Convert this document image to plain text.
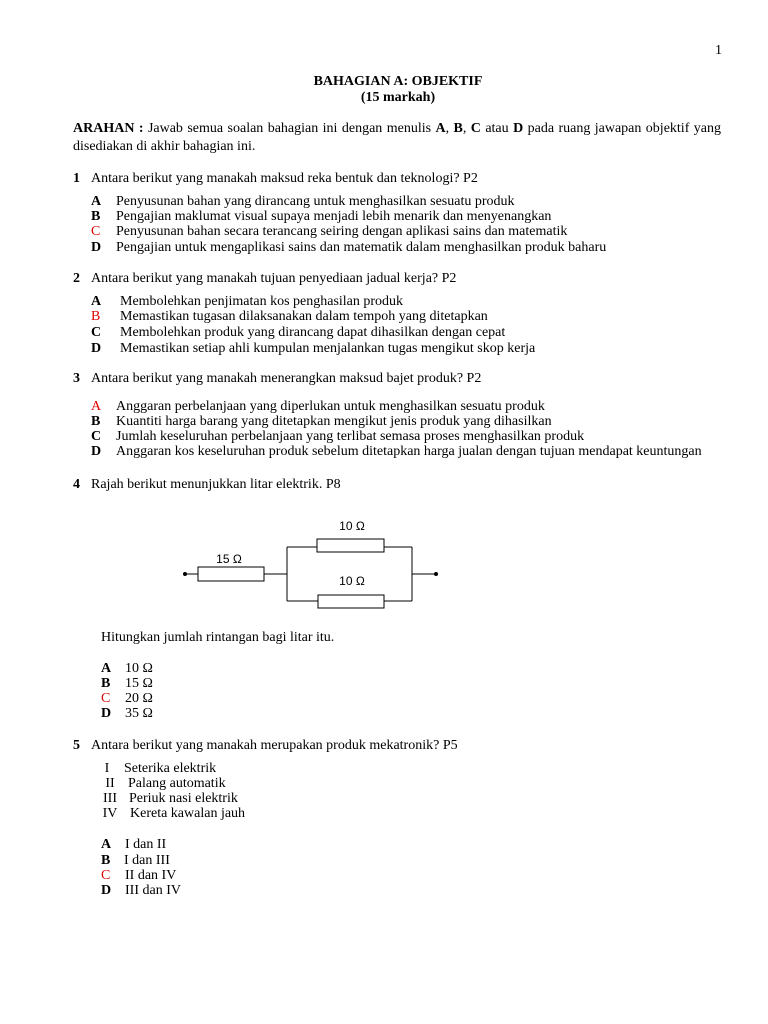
1
BAHAGIAN A: OBJEKTIF
(15 markah)
ARAHAN : Jawab semua soalan bahagian ini dengan menulis A, B, C atau D pada ruang jawapan objektif yang disediakan di akhir bahagian ini.
1 Antara berikut yang manakah maksud reka bentuk dan teknologi? P2
A Penyusunan bahan yang dirancang untuk menghasilkan sesuatu produk
B Pengajian maklumat visual supaya menjadi lebih menarik dan menyenangkan
C Penyusunan bahan secara terancang seiring dengan aplikasi sains dan matematik
D Pengajian untuk mengaplikasi sains dan matematik dalam menghasilkan produk baharu
2 Antara berikut yang manakah tujuan penyediaan jadual kerja? P2
A Membolehkan penjimatan kos penghasilan produk
B Memastikan tugasan dilaksanakan dalam tempoh yang ditetapkan
C Membolehkan produk yang dirancang dapat dihasilkan dengan cepat
D Memastikan setiap ahli kumpulan menjalankan tugas mengikut skop kerja
3 Antara berikut yang manakah menerangkan maksud bajet produk? P2
A Anggaran perbelanjaan yang diperlukan untuk menghasilkan sesuatu produk
B Kuantiti harga barang yang ditetapkan mengikut jenis produk yang dihasilkan
C Jumlah keseluruhan perbelanjaan yang terlibat semasa proses menghasilkan produk
D Anggaran kos keseluruhan produk sebelum ditetapkan harga jualan dengan tujuan mendapat keuntungan
4 Rajah berikut menunjukkan litar elektrik. P8
15 Ω
10 Ω
10 Ω
Hitungkan jumlah rintangan bagi litar itu.
A 10 Ω
B 15 Ω
C 20 Ω
D 35 Ω
5 Antara berikut yang manakah merupakan produk mekatronik? P5
I Seterika elektrik
II Palang automatik
III Periuk nasi elektrik
IV Kereta kawalan jauh
A I dan II
B I dan III
C II dan IV
D III dan IV
